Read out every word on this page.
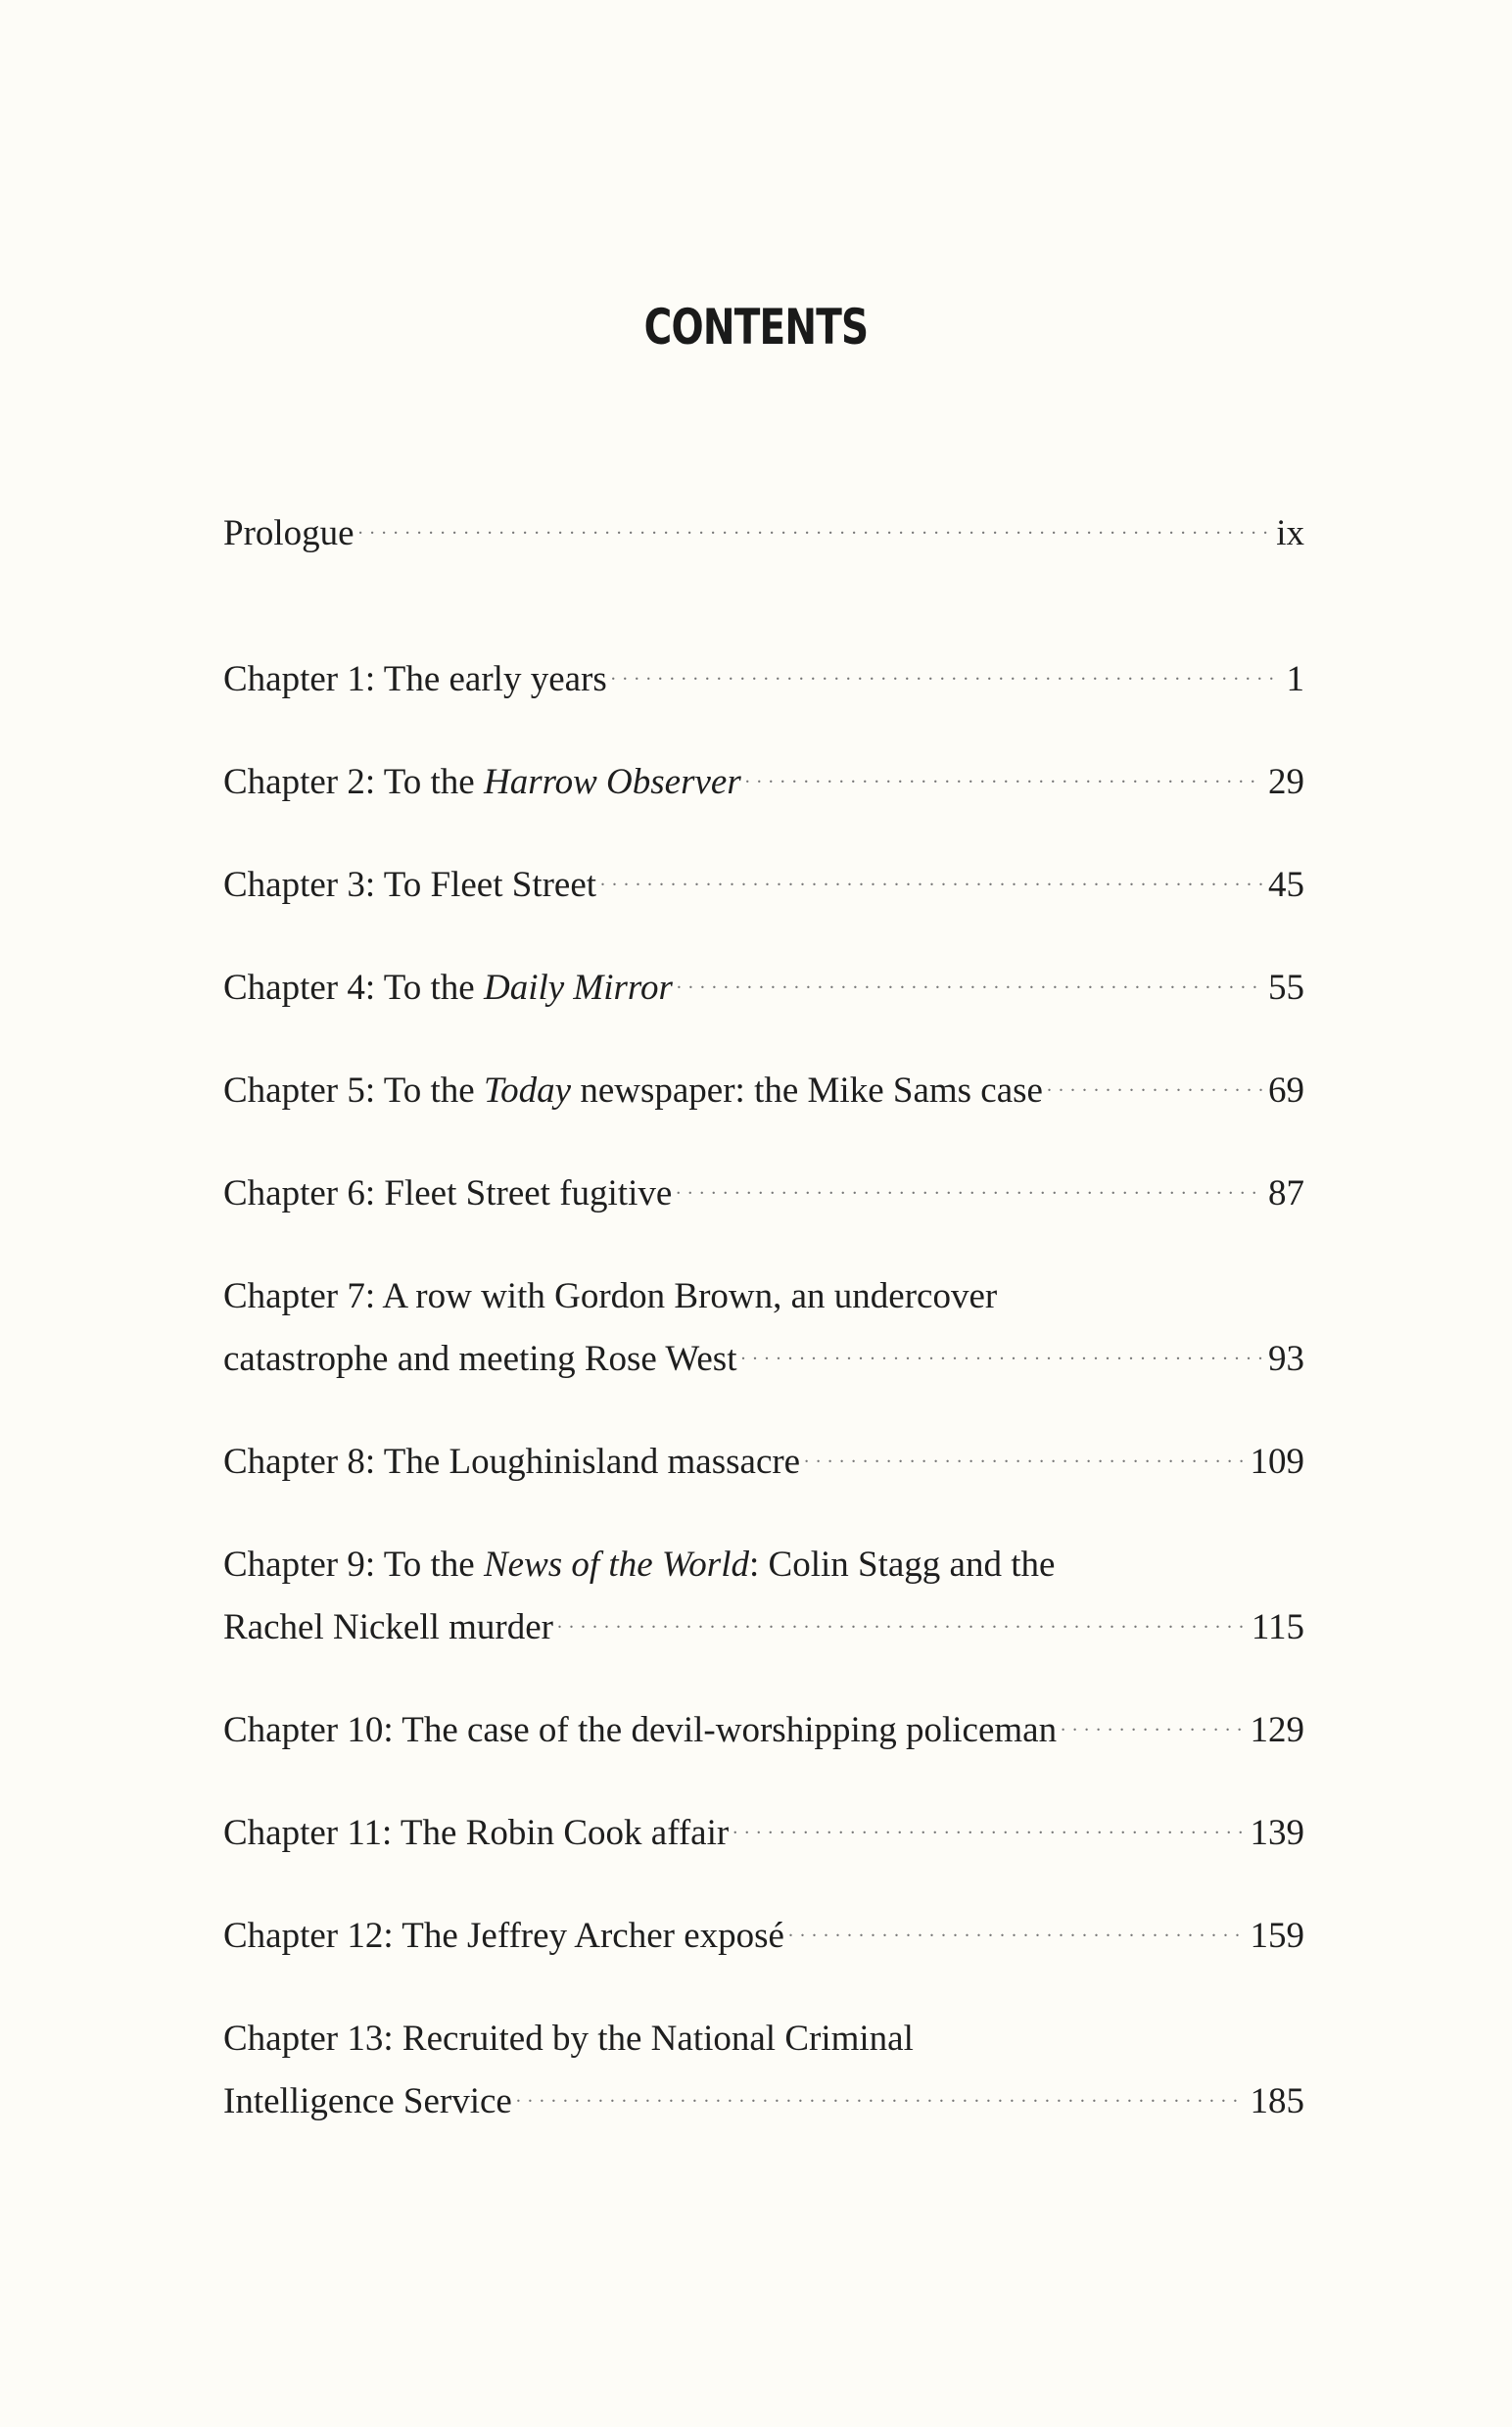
CONTENTS
Prologue . . .	ix
Chapter 1: The early years . . .	1
Chapter 2: To the Harrow Observer . . .	29
Chapter 3: To Fleet Street . . .	45
Chapter 4: To the Daily Mirror . . .	55
Chapter 5: To the Today newspaper: the Mike Sams case . . .	69
Chapter 6: Fleet Street fugitive . . .	87
Chapter 7: A row with Gordon Brown, an undercover
catastrophe and meeting Rose West . . .	93
Chapter 8: The Loughinisland massacre . . .	109
Chapter 9: To the News of the World: Colin Stagg and the
Rachel Nickell murder . . .	115
Chapter 10: The case of the devil-worshipping policeman . . .	129
Chapter 11: The Robin Cook affair . . .	139
Chapter 12: The Jeffrey Archer exposé . . .	159
Chapter 13: Recruited by the National Criminal
Intelligence Service . . .	185
